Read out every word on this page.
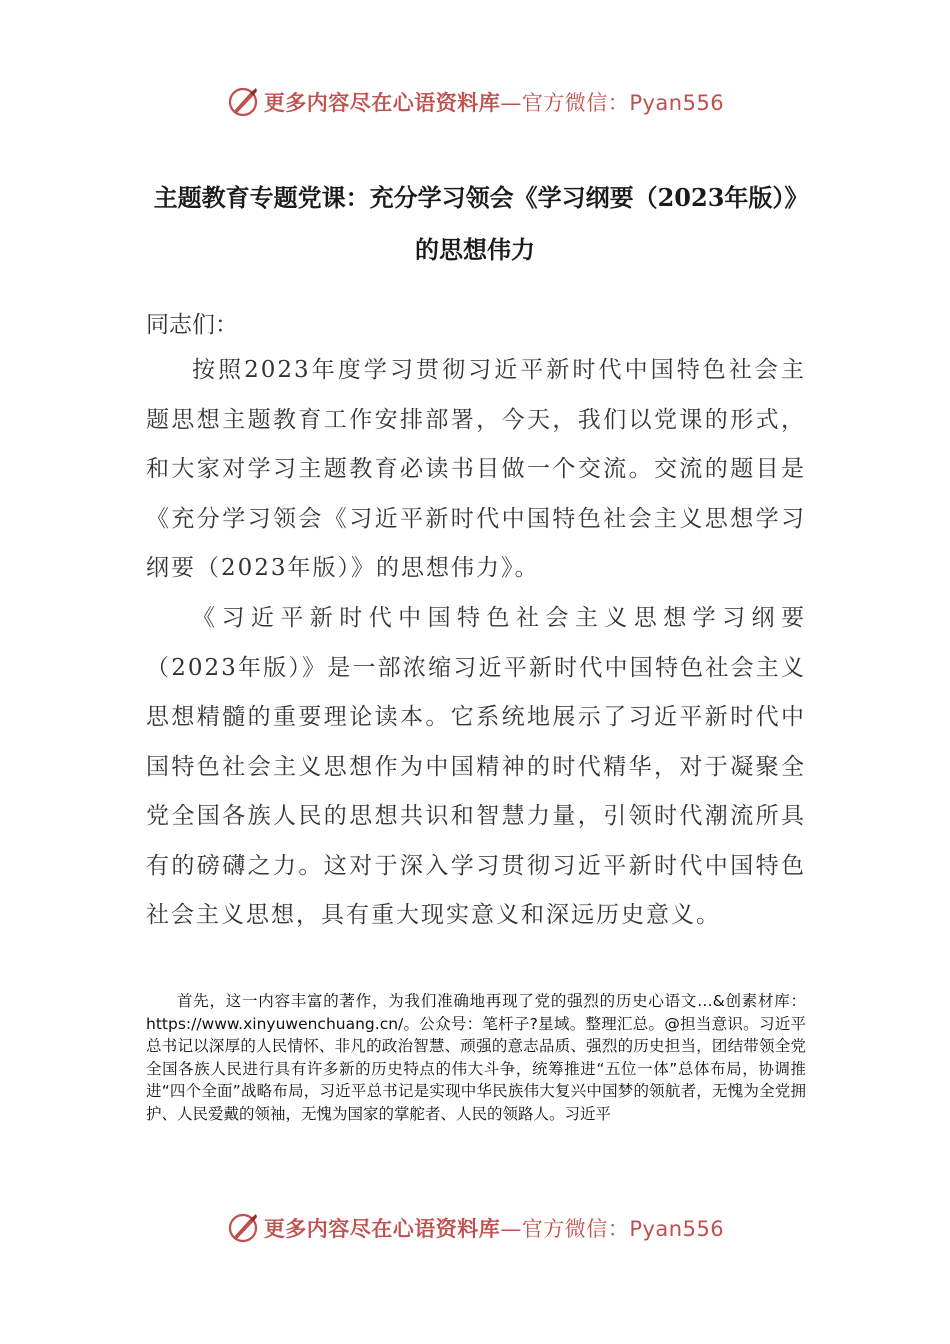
更多内容尽在心语资料库—官方微信：Pyan556
主题教育专题党课：充分学习领会《学习纲要（2023年版）》的思想伟力

同志们：

按照2023年度学习贯彻习近平新时代中国特色社会主题思想主题教育工作安排部署，今天，我们以党课的形式，和大家对学习主题教育必读书目做一个交流。交流的题目是《充分学习领会《习近平新时代中国特色社会主义思想学习纲要（2023年版）》的思想伟力》。

《习近平新时代中国特色社会主义思想学习纲要（2023年版）》是一部浓缩习近平新时代中国特色社会主义思想精髓的重要理论读本。它系统地展示了习近平新时代中国特色社会主义思想作为中国精神的时代精华，对于凝聚全党全国各族人民的思想共识和智慧力量，引领时代潮流所具有的磅礴之力。这对于深入学习贯彻习近平新时代中国特色社会主义思想，具有重大现实意义和深远历史意义。

首先，这一内容丰富的著作，为我们准确地再现了党的强烈的历史心语文…&创素材库：https://www.xinyuwenchuang.cn/。公众号：笔杆子?星域。整理汇总。@担当意识。习近平总书记以深厚的人民情怀、非凡的政治智慧、顽强的意志品质、强烈的历史担当，团结带领全党全国各族人民进行具有许多新的历史特点的伟大斗争，统筹推进“五位一体”总体布局，协调推进“四个全面”战略布局，习近平总书记是实现中华民族伟大复兴中国梦的领航者，无愧为全党拥护、人民爱戴的领袖，无愧为国家的掌舵者、人民的领路人。习近平

更多内容尽在心语资料库—官方微信：Pyan556
